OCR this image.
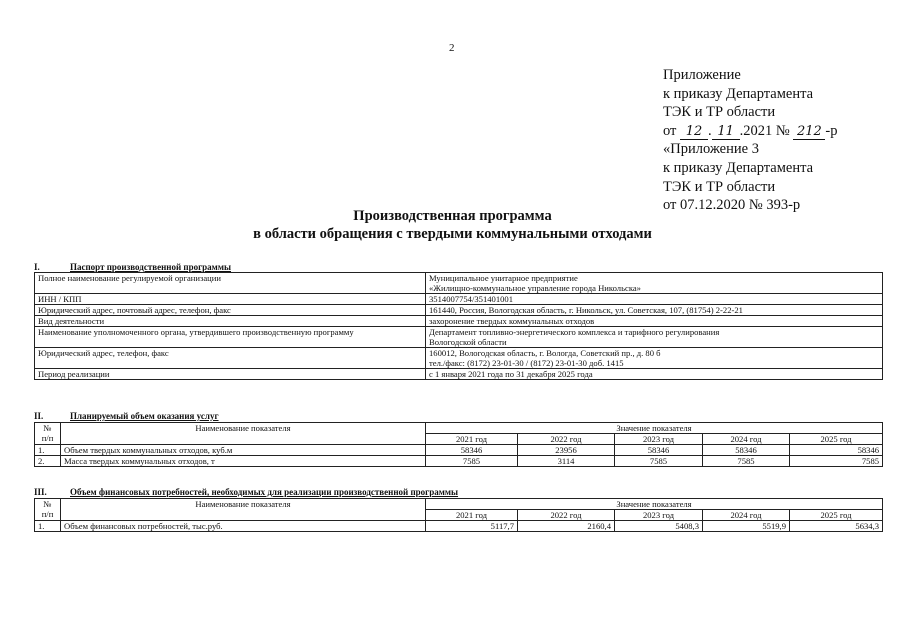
2
Приложение
к приказу Департамента
ТЭК и ТР области
от 12 . 11 .2021 № 212 -р
«Приложение 3
к приказу Департамента
ТЭК и ТР области
от 07.12.2020 № 393-р
Производственная программа
в области обращения с твердыми коммунальными отходами
I.	Паспорт производственной программы
Полное наименование регулируемой организации	Муниципальное унитарное предприятие
«Жилищно-коммунальное управление города Никольска»

ИНН / КПП	3514007754/351401001
Юридический адрес, почтовый адрес, телефон, факс	161440, Россия, Вологодская область, г. Никольск, ул. Советская, 107, (81754) 2-22-21
Вид деятельности	захоронение твердых коммунальных отходов
Наименование уполномоченного органа, утвердившего производственную программу	Департамент топливно-энергетического комплекса и тарифного регулирования
Вологодской области

Юридический адрес, телефон, факс	160012, Вологодская область, г. Вологда, Советский пр., д. 80 б
тел./факс: (8172) 23-01-30 / (8172) 23-01-30 доб. 1415

Период реализации	с 1 января 2021 года по 31 декабря 2025 года
II.	Планируемый объем оказания услуг
№
п/п	Наименование показателя	Значение показателя				
		2021 год	2022 год	2023 год	2024 год	2025 год
1.	Объем твердых коммунальных отходов, куб.м	58346	23956	58346	58346	58346
2.	Масса твердых коммунальных отходов, т	7585	3114	7585	7585	7585
III.	Объем финансовых потребностей, необходимых для реализации производственной программы
№
п/п	Наименование показателя	Значение показателя				
		2021 год	2022 год	2023 год	2024 год	2025 год
1.	Объем финансовых потребностей, тыс.руб.	5117,7	2160,4	5408,3	5519,9	5634,3
